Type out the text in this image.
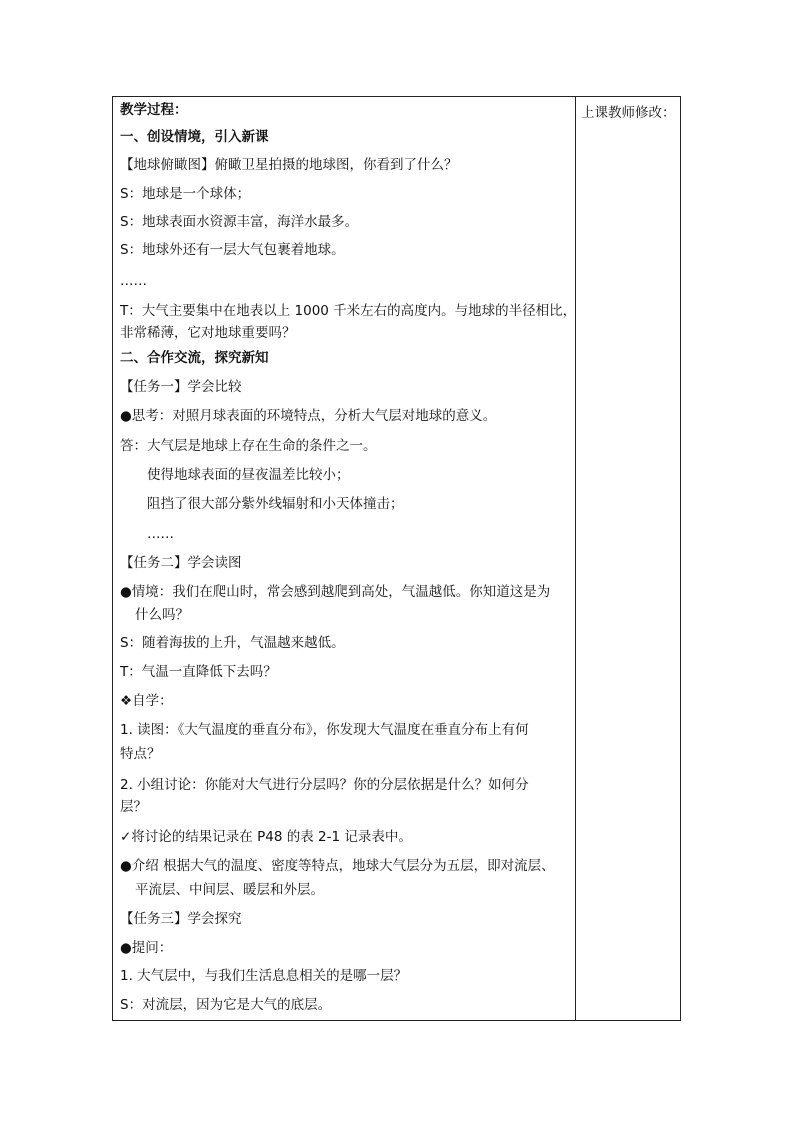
上课教师修改：
教学过程：
一、创设情境，引入新课
【地球俯瞰图】俯瞰卫星拍摄的地球图，你看到了什么？
S：地球是一个球体；
S：地球表面水资源丰富，海洋水最多。
S：地球外还有一层大气包裹着地球。
……
T：大气主要集中在地表以上 1000 千米左右的高度内。与地球的半径相比，
非常稀薄，它对地球重要吗？
二、合作交流，探究新知
【任务一】学会比较
●思考：对照月球表面的环境特点，分析大气层对地球的意义。
答：大气层是地球上存在生命的条件之一。
使得地球表面的昼夜温差比较小；
阻挡了很大部分紫外线辐射和小天体撞击；
……
【任务二】学会读图
●情境：我们在爬山时，常会感到越爬到高处，气温越低。你知道这是为
什么吗？
S：随着海拔的上升，气温越来越低。
T：气温一直降低下去吗？
❖自学：
1. 读图：《大气温度的垂直分布》，你发现大气温度在垂直分布上有何
特点？
2. 小组讨论：你能对大气进行分层吗？你的分层依据是什么？如何分
层？
✓将讨论的结果记录在 P48 的表 2-1 记录表中。
●介绍 根据大气的温度、密度等特点，地球大气层分为五层，即对流层、
平流层、中间层、暖层和外层。
【任务三】学会探究
●提问：
1. 大气层中，与我们生活息息相关的是哪一层？
S：对流层，因为它是大气的底层。
